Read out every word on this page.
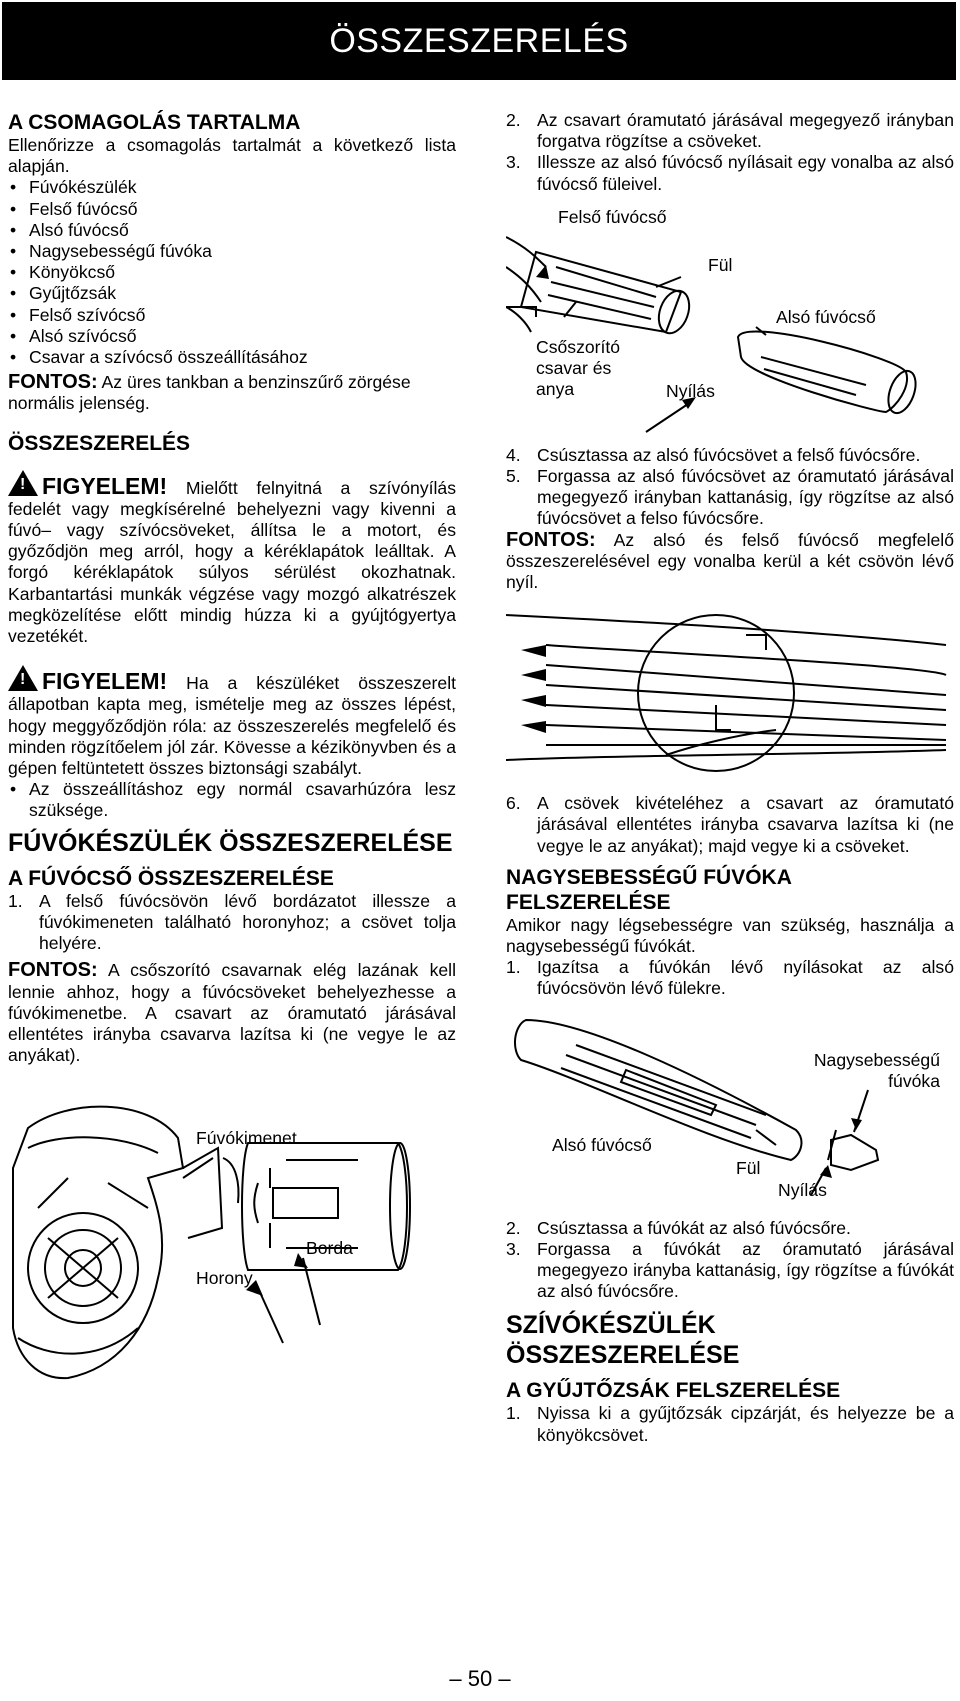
ÖSSZESZERELÉS

A CSOMAGOLÁS TARTALMA

Ellenőrizze a csomagolás tartalmát a következő lista alapján.

• Fúvókészülék
• Felső fúvócső
• Alsó fúvócső
• Nagysebességű fúvóka
• Könyökcső
• Gyűjtőzsák
• Felső szívócső
• Alsó szívócső
• Csavar a szívócső összeállításához

FONTOS: Az üres tankban a benzinszűrő zörgése normális jelenség.

ÖSSZESZERELÉS

! FIGYELEM! Mielőtt felnyitná a szívónyílás fedelét vagy megkísérelné behelyezni vagy kivenni a fúvó– vagy szívócsöveket, állítsa le a motort, és győződjön meg arról, hogy a kéréklapátok leálltak. A forgó kéréklapátok súlyos sérülést okozhatnak. Karbantartási munkák végzése vagy mozgó alkatrészek megközelítése előtt mindig húzza ki a gyújtógyertya vezetékét.

! FIGYELEM! Ha a készüléket összeszerelt állapotban kapta meg, ismételje meg az összes lépést, hogy meggyőződjön róla: az összeszerelés megfelelő és minden rögzítőelem jól zár. Kövesse a kézikönyvben és a gépen feltüntetett összes biztonsági szabályt.

• Az összeállításhoz egy normál csavarhúzóra lesz szüksége.

FÚVÓKÉSZÜLÉK ÖSSZESZERELÉSE

A FÚVÓCSŐ ÖSSZESZERELÉSE

1. A felső fúvócsövön lévő bordázatot illessze a fúvókimeneten található horonyhoz; a csövet tolja helyére.

FONTOS: A csőszorító csavarnak elég lazának kell lennie ahhoz, hogy a fúvócsöveket behelyezhesse a fúvókimenetbe. A csavart az óramutató járásával ellentétes irányba csavarva lazítsa ki (ne vegye le az anyákat).

Fúvókimenet
Borda
Horony
2. Az csavart óramutató járásával megegyező irányban forgatva rögzítse a csöveket.
3. Illessze az alsó fúvócső nyílásait egy vonalba az alsó fúvócső füleivel.
Felső fúvócső
Fül
Alsó fúvócső
Csőszorító
csavar és
anya	Nyílás
4. Csúsztassa az alsó fúvócsövet a felső fúvócsőre.
5. Forgassa az alsó fúvócsövet az óramutató járásával megegyező irányban kattanásig, így rögzítse az alsó fúvócsövet a felso fúvócsőre.

FONTOS: Az alsó és felső fúvócső megfelelő összeszerelésével egy vonalba kerül a két csövön lévő nyíl.

6. A csövek kivételéhez a csavart az óramutató járásával ellentétes irányba csavarva lazítsa ki (ne vegye le az anyákat); majd vegye ki a csöveket.

NAGYSEBESSÉGŰ FÚVÓKA FELSZERELÉSE

Amikor nagy légsebességre van szükség, használja a nagysebességű fúvókát.

1. Igazítsa a fúvókán lévő nyílásokat az alsó fúvócsövön lévő fülekre.
Nagysebességű
fúvóka
Alsó fúvócső
Fül
Nyílás
2. Csúsztassa a fúvókát az alsó fúvócsőre.
3. Forgassa a fúvókát az óramutató járásával megegyezo irányba kattanásig, így rögzítse a fúvókát az alsó fúvócsőre.

SZÍVÓKÉSZÜLÉK ÖSSZESZERELÉSE

A GYŰJTŐZSÁK FELSZERELÉSE

1. Nyissa ki a gyűjtőzsák cipzárját, és helyezze be a könyökcsövet.
– 50 –
